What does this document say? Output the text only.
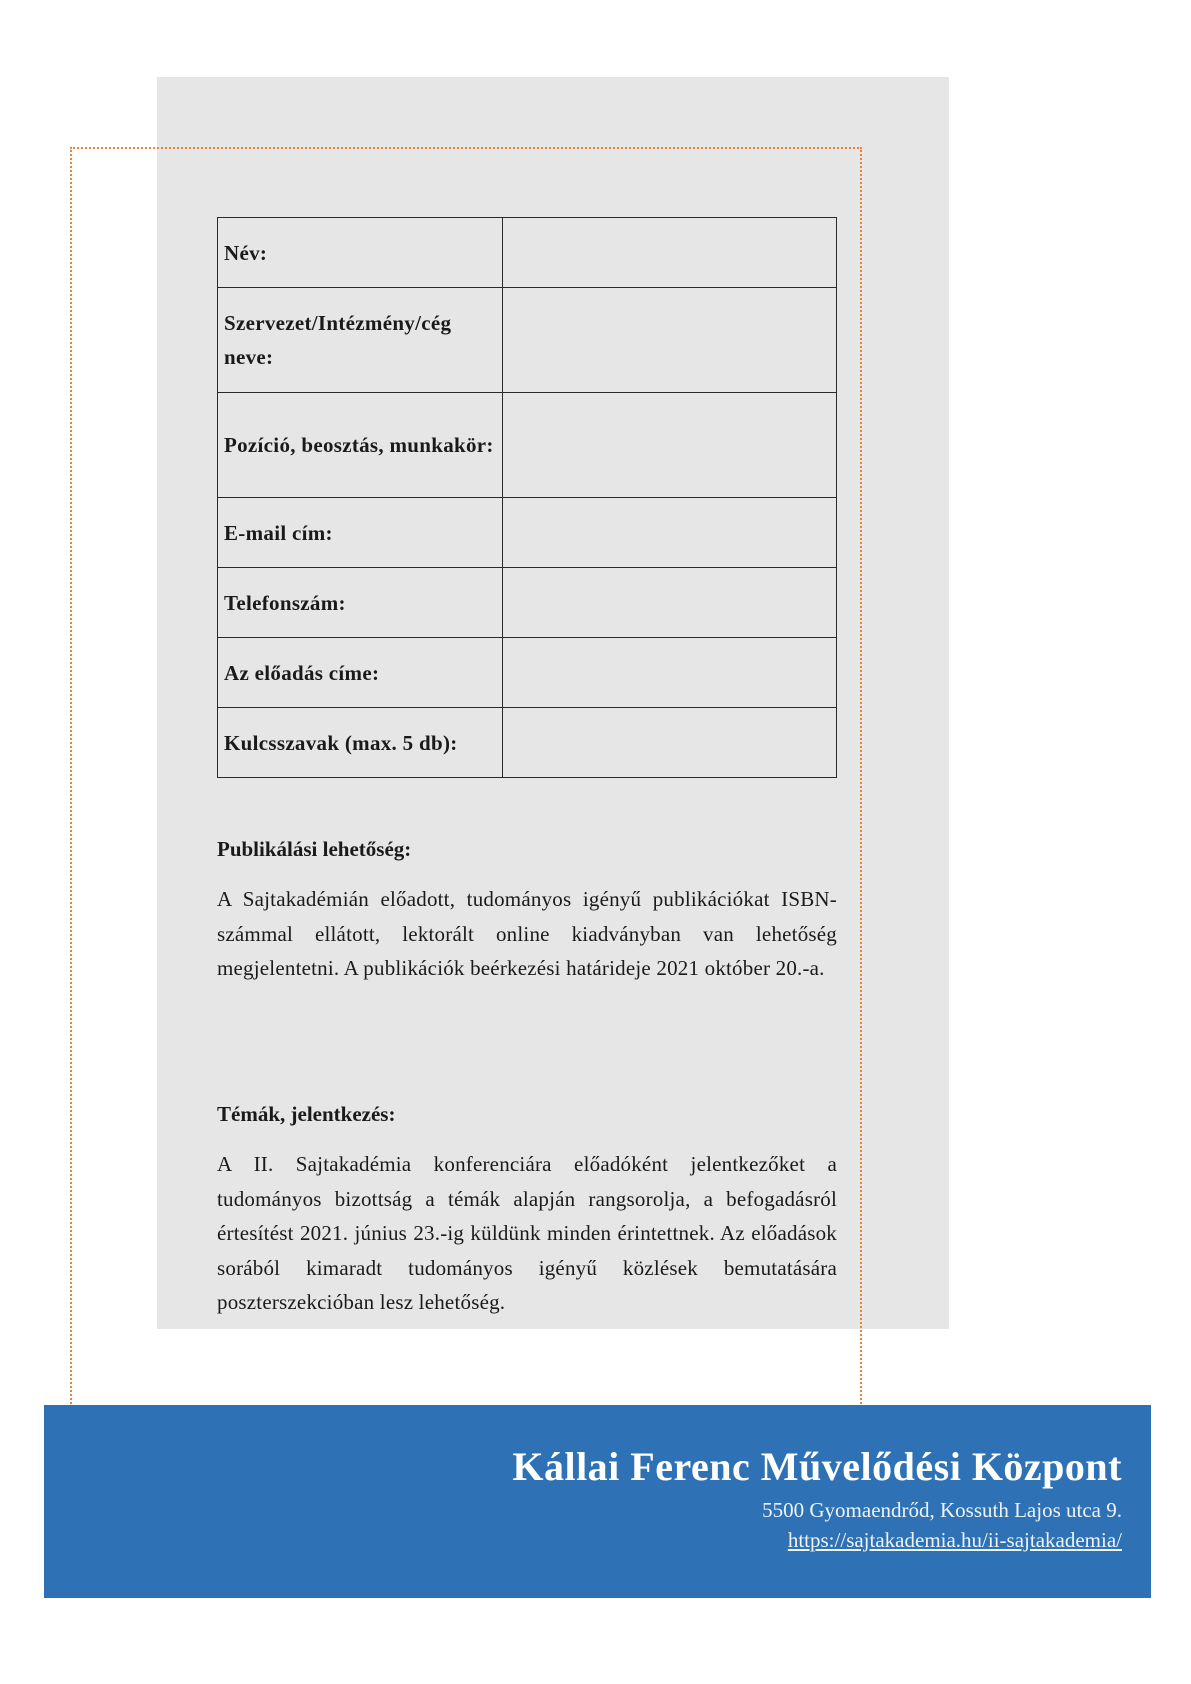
Név:	
Szervezet/Intézmény/cég neve:	
Pozíció, beosztás, munkakör:	
E-mail cím:	
Telefonszám:	
Az előadás címe:	
Kulcsszavak (max. 5 db):	
Publikálási lehetőség:

A Sajtakadémián előadott, tudományos igényű publikációkat ISBN-számmal ellátott, lektorált online kiadványban van lehetőség megjelentetni. A publikációk beérkezési határideje 2021 október 20.-a.

Témák, jelentkezés:

A II. Sajtakadémia konferenciára előadóként jelentkezőket a tudományos bizottság a témák alapján rangsorolja, a befogadásról értesítést 2021. június 23.-ig küldünk minden érintettnek. Az előadások sorából kimaradt tudományos igényű közlések bemutatására poszterszekcióban lesz lehetőség.

Kállai Ferenc Művelődési Központ
5500 Gyomaendrőd, Kossuth Lajos utca 9.
https://sajtakademia.hu/ii-sajtakademia/
